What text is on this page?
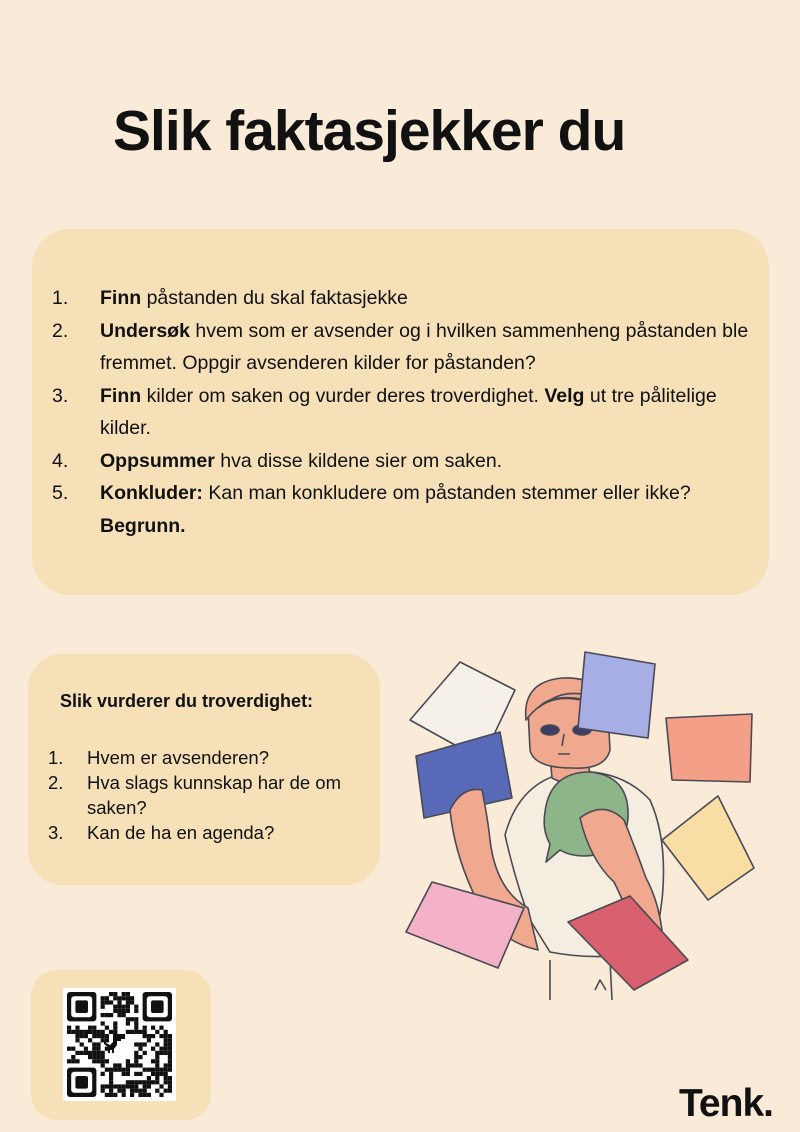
Slik faktasjekker du
1.	Finn påstanden du skal faktasjekke
2.	Undersøk hvem som er avsender og i hvilken sammenheng påstanden ble fremmet. Oppgir avsenderen kilder for påstanden?
3.	Finn kilder om saken og vurder deres troverdighet. Velg ut tre pålitelige kilder.
4.	Oppsummer hva disse kildene sier om saken.
5.	Konkluder: Kan man konkludere om påstanden stemmer eller ikke? Begrunn.
Slik vurderer du troverdighet:
1.	Hvem er avsenderen?
2.	Hva slags kunnskap har de om saken?
3.	Kan de ha en agenda?
Tenk.
